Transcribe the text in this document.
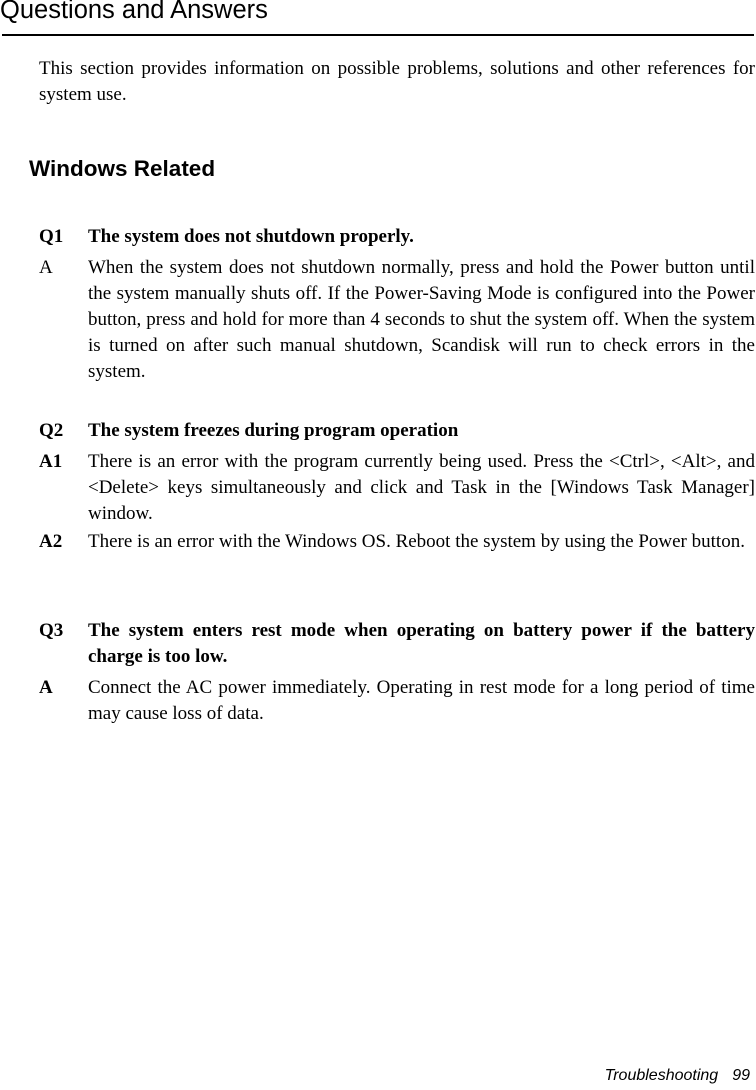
Questions and Answers

This section provides information on possible problems, solutions and other references for system use.

Windows Related
Q1	The system does not shutdown properly.
A	When the system does not shutdown normally, press and hold the Power button until the system manually shuts off. If the Power-Saving Mode is configured into the Power button, press and hold for more than 4 seconds to shut the system off. When the system is turned on after such manual shutdown, Scandisk will run to check errors in the system.
Q2	The system freezes during program operation
A1	There is an error with the program currently being used. Press the <Ctrl>, <Alt>, and <Delete> keys simultaneously and click and Task in the [Windows Task Manager] window.
A2	There is an error with the Windows OS. Reboot the system by using the Power button.
Q3	The system enters rest mode when operating on battery power if the battery charge is too low.
A	Connect the AC power immediately. Operating in rest mode for a long period of time may cause loss of data.
Troubleshooting 99
